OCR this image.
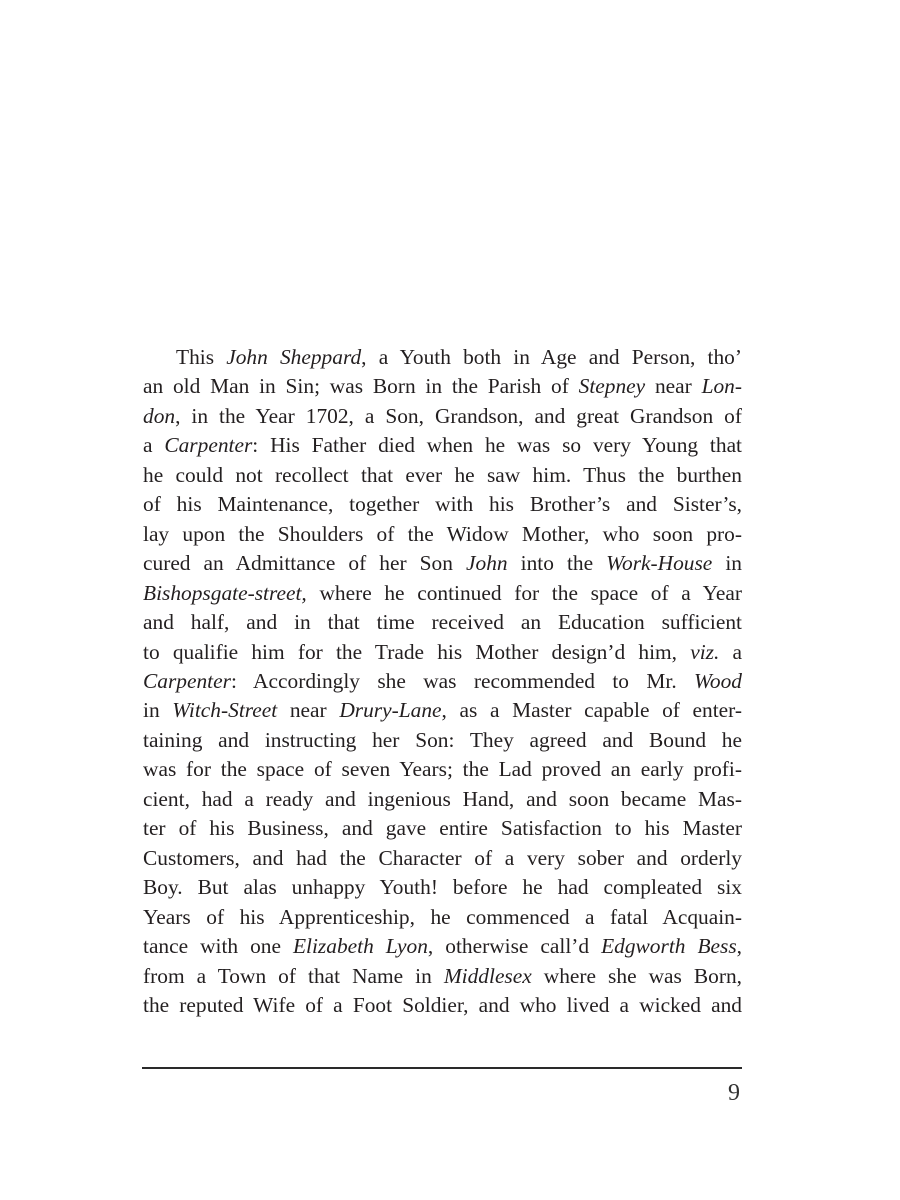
This John Sheppard, a Youth both in Age and Person, tho’
an old Man in Sin; was Born in the Parish of Stepney near Lon-
don, in the Year 1702, a Son, Grandson, and great Grandson of
a Carpenter: His Father died when he was so very Young that
he could not recollect that ever he saw him. Thus the burthen
of his Maintenance, together with his Brother’s and Sister’s,
lay upon the Shoulders of the Widow Mother, who soon pro-
cured an Admittance of her Son John into the Work-House in
Bishopsgate-street, where he continued for the space of a Year
and half, and in that time received an Education sufficient
to qualifie him for the Trade his Mother design’d him, viz. a
Carpenter: Accordingly she was recommended to Mr. Wood
in Witch-Street near Drury-Lane, as a Master capable of enter-
taining and instructing her Son: They agreed and Bound he
was for the space of seven Years; the Lad proved an early profi-
cient, had a ready and ingenious Hand, and soon became Mas-
ter of his Business, and gave entire Satisfaction to his Master
Customers, and had the Character of a very sober and orderly
Boy. But alas unhappy Youth! before he had compleated six
Years of his Apprenticeship, he commenced a fatal Acquain-
tance with one Elizabeth Lyon, otherwise call’d Edgworth Bess,
from a Town of that Name in Middlesex where she was Born,
the reputed Wife of a Foot Soldier, and who lived a wicked and
9
